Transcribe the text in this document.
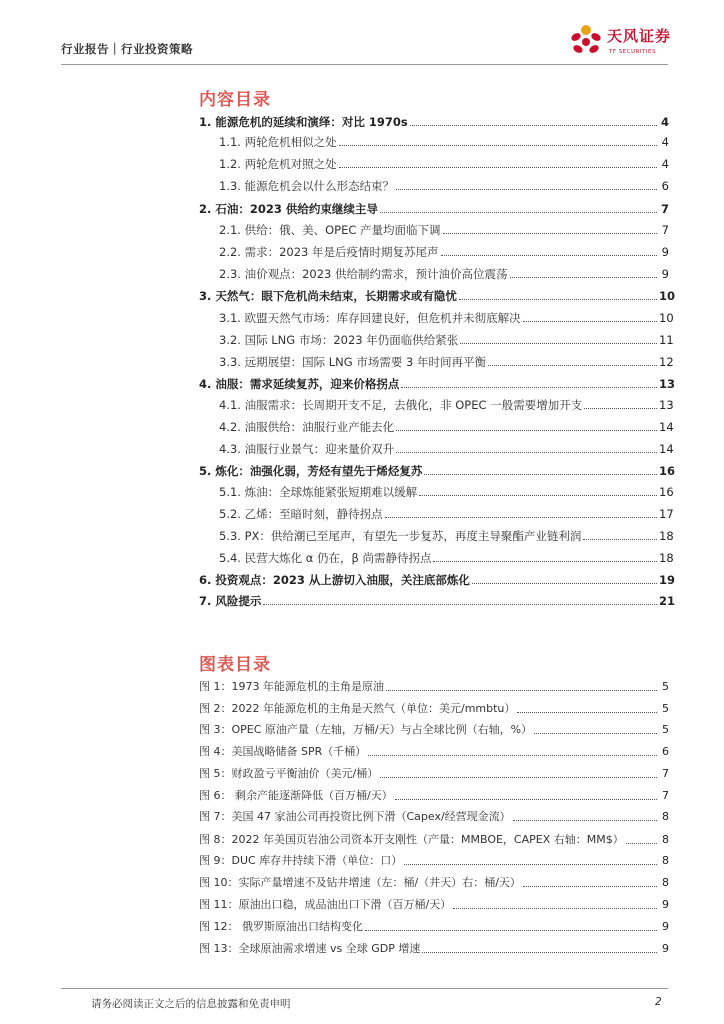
行业报告｜行业投资策略
天风证券
TF SECURITIES
内容目录
1. 能源危机的延续和演绎：对比 1970s	4
1.1. 两轮危机相似之处	4
1.2. 两轮危机对照之处	4
1.3. 能源危机会以什么形态结束？	6
2. 石油：2023 供给约束继续主导	7
2.1. 供给：俄、美、OPEC 产量均面临下调	7
2.2. 需求：2023 年是后疫情时期复苏尾声	9
2.3. 油价观点：2023 供给制约需求，预计油价高位震荡	9
3. 天然气：眼下危机尚未结束，长期需求或有隐忧	10
3.1. 欧盟天然气市场：库存回建良好，但危机并未彻底解决	10
3.2. 国际 LNG 市场：2023 年仍面临供给紧张	11
3.3. 远期展望：国际 LNG 市场需要 3 年时间再平衡	12
4. 油服：需求延续复苏，迎来价格拐点	13
4.1. 油服需求：长周期开支不足，去俄化，非 OPEC 一般需要增加开支	13
4.2. 油服供给：油服行业产能去化	14
4.3. 油服行业景气：迎来量价双升	14
5. 炼化：油强化弱，芳烃有望先于烯烃复苏	16
5.1. 炼油：全球炼能紧张短期难以缓解	16
5.2. 乙烯：至暗时刻，静待拐点	17
5.3. PX：供给潮已至尾声，有望先一步复苏，再度主导聚酯产业链利润	18
5.4. 民营大炼化 α 仍在，β 尚需静待拐点	18
6. 投资观点：2023 从上游切入油服，关注底部炼化	19
7. 风险提示	21
图表目录
图 1：1973 年能源危机的主角是原油	5
图 2：2022 年能源危机的主角是天然气（单位：美元/mmbtu）	5
图 3：OPEC 原油产量（左轴，万桶/天）与占全球比例（右轴，%）	5
图 4：美国战略储备 SPR（千桶）	6
图 5：财政盈亏平衡油价（美元/桶）	7
图 6： 剩余产能逐渐降低（百万桶/天）	7
图 7：美国 47 家油公司再投资比例下滑（Capex/经营现金流）	8
图 8：2022 年美国页岩油公司资本开支刚性（产量：MMBOE，CAPEX 右轴：MM$）	8
图 9：DUC 库存井持续下滑（单位：口）	8
图 10：实际产量增速不及钻井增速（左：桶/（井天）右：桶/天）	8
图 11：原油出口稳，成品油出口下滑（百万桶/天）	9
图 12： 俄罗斯原油出口结构变化	9
图 13：全球原油需求增速 vs 全球 GDP 增速	9
请务必阅读正文之后的信息披露和免责申明	2
